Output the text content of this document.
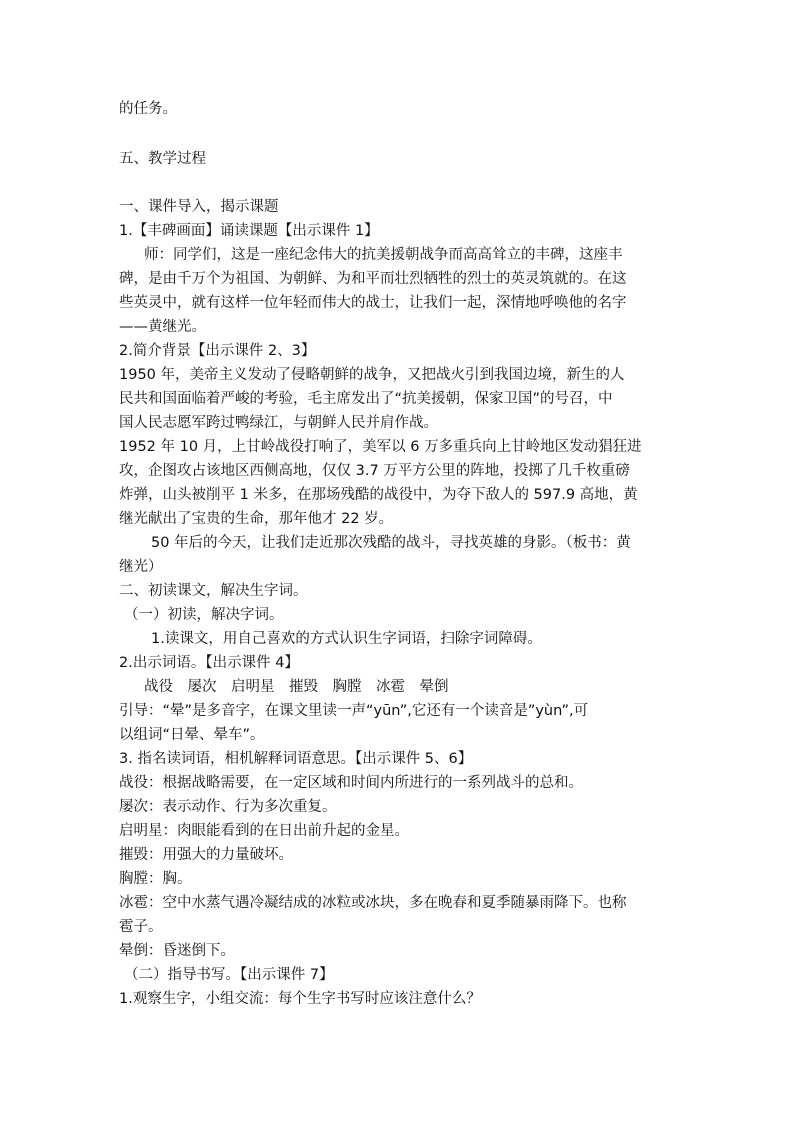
的任务。
五、教学过程
一、课件导入，揭示课题
1.【丰碑画面】诵读课题【出示课件 1】
师：同学们，这是一座纪念伟大的抗美援朝战争而高高耸立的丰碑，这座丰
碑，是由千万个为祖国、为朝鲜、为和平而壮烈牺牲的烈士的英灵筑就的。在这
些英灵中，就有这样一位年轻而伟大的战士，让我们一起，深情地呼唤他的名字
——黄继光。
2.简介背景【出示课件 2、3】
1950 年，美帝主义发动了侵略朝鲜的战争，又把战火引到我国边境，新生的人
民共和国面临着严峻的考验，毛主席发出了“抗美援朝，保家卫国”的号召，中
国人民志愿军跨过鸭绿江，与朝鲜人民并肩作战。
1952 年 10 月，上甘岭战役打响了，美军以 6 万多重兵向上甘岭地区发动猖狂进
攻，企图攻占该地区西侧高地，仅仅 3.7 万平方公里的阵地，投掷了几千枚重磅
炸弹，山头被削平 1 米多，在那场残酷的战役中，为夺下敌人的 597.9 高地，黄
继光献出了宝贵的生命，那年他才 22 岁。
50 年后的今天，让我们走近那次残酷的战斗，寻找英雄的身影。（板书：黄
继光）
二、初读课文，解决生字词。
（一）初读，解决字词。
1.读课文，用自己喜欢的方式认识生字词语，扫除字词障碍。
2.出示词语。【出示课件 4】
战役　屡次　启明星　摧毁　胸膛　冰雹　晕倒
引导：“晕”是多音字，在课文里读一声“yūn”,它还有一个读音是”yùn”,可
以组词“日晕、晕车”。
3. 指名读词语，相机解释词语意思。【出示课件 5、6】
战役：根据战略需要，在一定区域和时间内所进行的一系列战斗的总和。
屡次：表示动作、行为多次重复。
启明星：肉眼能看到的在日出前升起的金星。
摧毁：用强大的力量破坏。
胸膛：胸。
冰雹：空中水蒸气遇冷凝结成的冰粒或冰块，多在晚春和夏季随暴雨降下。也称
雹子。
晕倒：昏迷倒下。
（二）指导书写。【出示课件 7】
1.观察生字，小组交流：每个生字书写时应该注意什么？
